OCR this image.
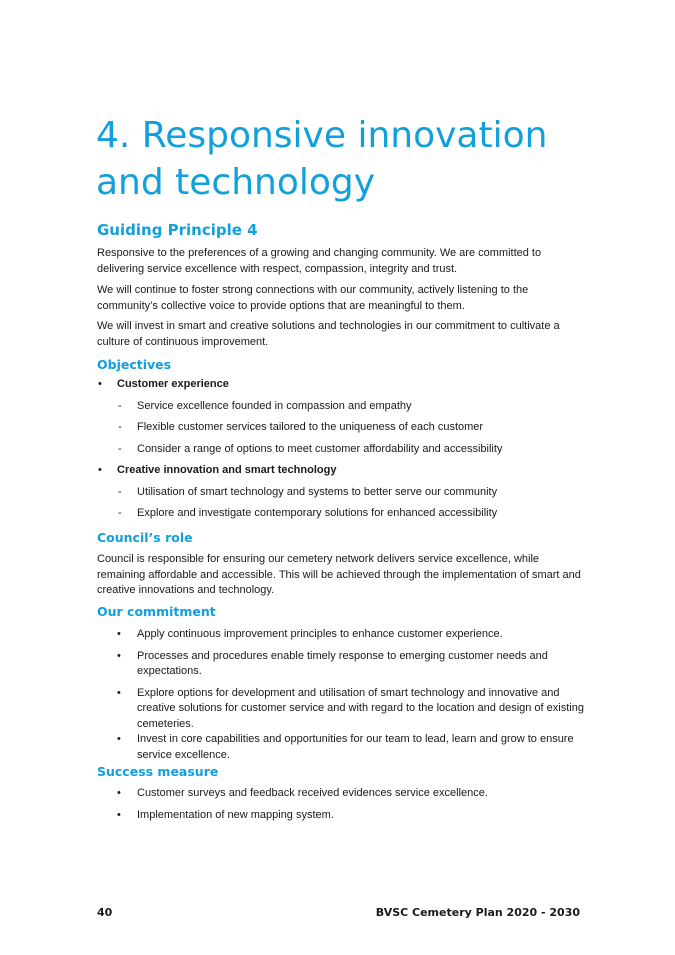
4. Responsive innovation and technology
Guiding Principle 4

Responsive to the preferences of a growing and changing community. We are committed to delivering service excellence with respect, compassion, integrity and trust.

We will continue to foster strong connections with our community, actively listening to the community’s collective voice to provide options that are meaningful to them.

We will invest in smart and creative solutions and technologies in our commitment to cultivate a culture of continuous improvement.

Objectives
• Customer experience
- Service excellence founded in compassion and empathy
- Flexible customer services tailored to the uniqueness of each customer
- Consider a range of options to meet customer affordability and accessibility
• Creative innovation and smart technology
- Utilisation of smart technology and systems to better serve our community
- Explore and investigate contemporary solutions for enhanced accessibility
Council’s role

Council is responsible for ensuring our cemetery network delivers service excellence, while remaining affordable and accessible. This will be achieved through the implementation of smart and creative innovations and technology.

Our commitment
• Apply continuous improvement principles to enhance customer experience.
• Processes and procedures enable timely response to emerging customer needs and expectations.
• Explore options for development and utilisation of smart technology and innovative and creative solutions for customer service and with regard to the location and design of existing cemeteries.
• Invest in core capabilities and opportunities for our team to lead, learn and grow to ensure service excellence.
Success measure
• Customer surveys and feedback received evidences service excellence.
• Implementation of new mapping system.
40	BVSC Cemetery Plan 2020 - 2030
